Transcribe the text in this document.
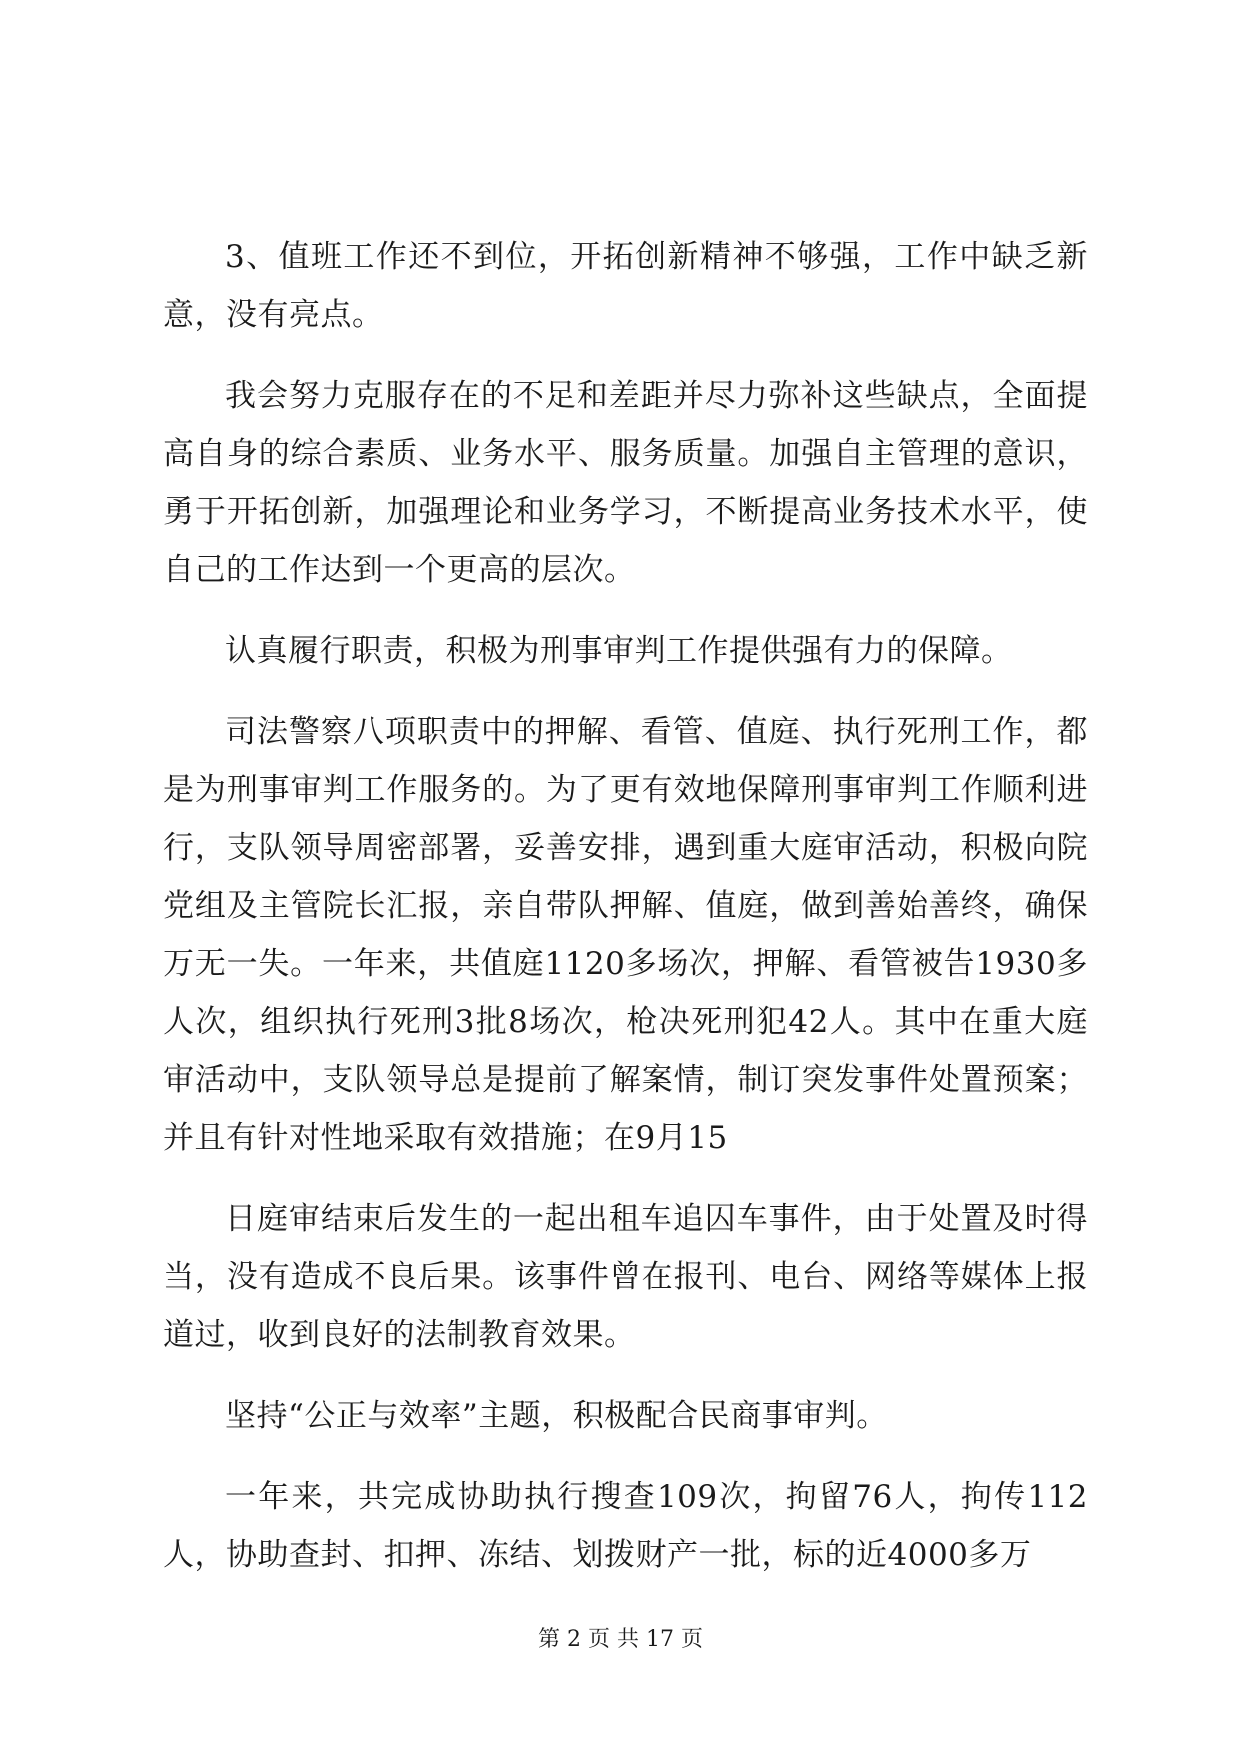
3、值班工作还不到位，开拓创新精神不够强，工作中缺乏新意，没有亮点。

我会努力克服存在的不足和差距并尽力弥补这些缺点，全面提高自身的综合素质、业务水平、服务质量。加强自主管理的意识，勇于开拓创新，加强理论和业务学习，不断提高业务技术水平，使自己的工作达到一个更高的层次。

认真履行职责，积极为刑事审判工作提供强有力的保障。

司法警察八项职责中的押解、看管、值庭、执行死刑工作，都是为刑事审判工作服务的。为了更有效地保障刑事审判工作顺利进行，支队领导周密部署，妥善安排，遇到重大庭审活动，积极向院党组及主管院长汇报，亲自带队押解、值庭，做到善始善终，确保万无一失。一年来，共值庭1120多场次，押解、看管被告1930多人次，组织执行死刑3批8场次，枪决死刑犯42人。其中在重大庭审活动中，支队领导总是提前了解案情，制订突发事件处置预案；并且有针对性地采取有效措施；在9月15

日庭审结束后发生的一起出租车追囚车事件，由于处置及时得当，没有造成不良后果。该事件曾在报刊、电台、网络等媒体上报道过，收到良好的法制教育效果。

坚持“公正与效率”主题，积极配合民商事审判。

一年来，共完成协助执行搜查109次，拘留76人，拘传112人，协助查封、扣押、冻结、划拨财产一批，标的近4000多万

第 2 页 共 17 页
